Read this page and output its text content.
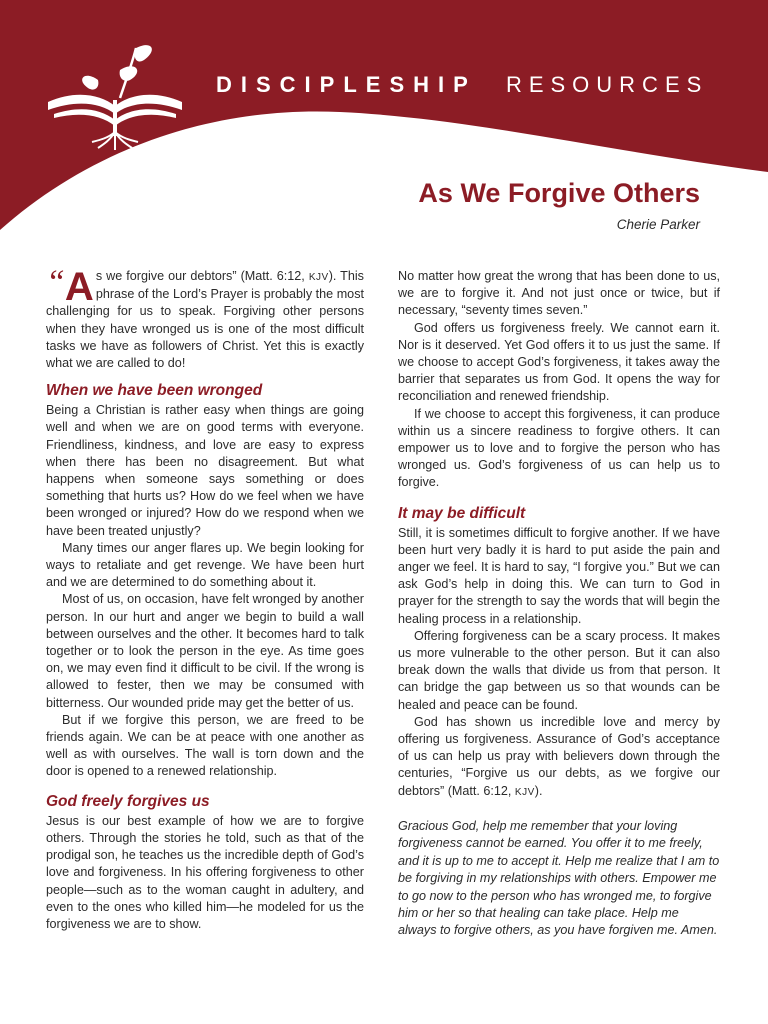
®
DISCIPLESHIP RESOURCES
As We Forgive Others
Cherie Parker

“ A s we forgive our debtors” (Matt. 6:12, KJV). This phrase of the Lord’s Prayer is probably the most challenging for us to speak. Forgiving other persons when they have wronged us is one of the most difficult tasks we have as followers of Christ. Yet this is exactly what we are called to do!

When we have been wronged

Being a Christian is rather easy when things are going well and when we are on good terms with everyone. Friendliness, kindness, and love are easy to express when there has been no disagreement. But what happens when someone says something or does something that hurts us? How do we feel when we have been wronged or injured? How do we respond when we have been treated unjustly?

Many times our anger flares up. We begin looking for ways to retaliate and get revenge. We have been hurt and we are determined to do something about it.

Most of us, on occasion, have felt wronged by another person. In our hurt and anger we begin to build a wall between ourselves and the other. It becomes hard to talk together or to look the person in the eye. As time goes on, we may even find it difficult to be civil. If the wrong is allowed to fester, then we may be consumed with bitterness. Our wounded pride may get the better of us.

But if we forgive this person, we are freed to be friends again. We can be at peace with one another as well as with ourselves. The wall is torn down and the door is opened to a renewed relationship.

God freely forgives us

Jesus is our best example of how we are to forgive others. Through the stories he told, such as that of the prodigal son, he teaches us the incredible depth of God’s love and forgiveness. In his offering forgiveness to other people—such as to the woman caught in adultery, and even to the ones who killed him—he modeled for us the forgiveness we are to show.

No matter how great the wrong that has been done to us, we are to forgive it. And not just once or twice, but if necessary, “seventy times seven.”

God offers us forgiveness freely. We cannot earn it. Nor is it deserved. Yet God offers it to us just the same. If we choose to accept God’s forgiveness, it takes away the barrier that separates us from God. It opens the way for reconciliation and renewed friendship.

If we choose to accept this forgiveness, it can produce within us a sincere readiness to forgive others. It can empower us to love and to forgive the person who has wronged us. God’s forgiveness of us can help us to forgive.

It may be difficult

Still, it is sometimes difficult to forgive another. If we have been hurt very badly it is hard to put aside the pain and anger we feel. It is hard to say, “I forgive you.” But we can ask God’s help in doing this. We can turn to God in prayer for the strength to say the words that will begin the healing process in a relationship.

Offering forgiveness can be a scary process. It makes us more vulnerable to the other person. But it can also break down the walls that divide us from that person. It can bridge the gap between us so that wounds can be healed and peace can be found.

God has shown us incredible love and mercy by offering us forgiveness. Assurance of God’s acceptance of us can help us pray with believers down through the centuries, “Forgive us our debts, as we forgive our debtors” (Matt. 6:12, KJV).

Gracious God, help me remember that your loving forgiveness cannot be earned. You offer it to me freely, and it is up to me to accept it. Help me realize that I am to be forgiving in my relationships with others. Empower me to go now to the person who has wronged me, to forgive him or her so that healing can take place. Help me always to forgive others, as you have forgiven me. Amen.
